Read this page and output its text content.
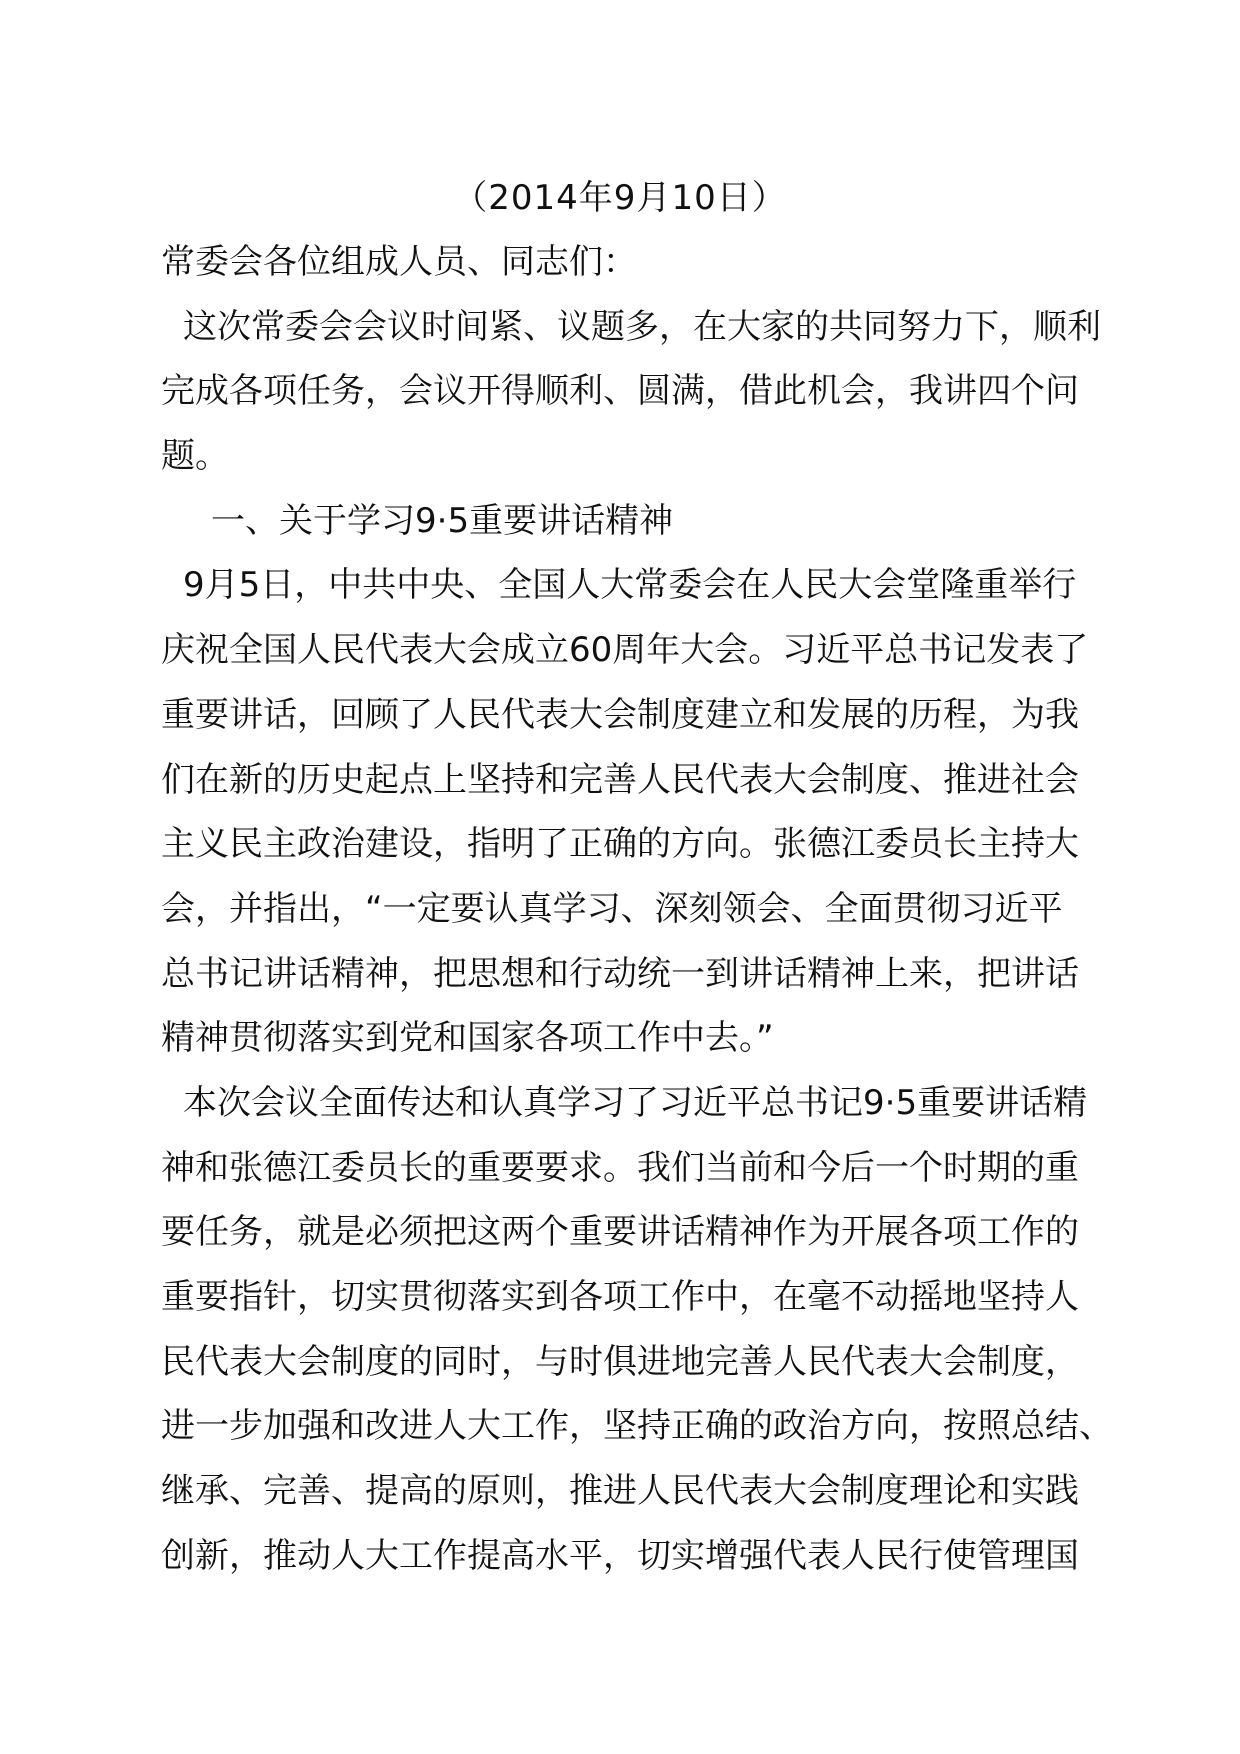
（2014年9月10日）
常委会各位组成人员、同志们：
这次常委会会议时间紧、议题多，在大家的共同努力下，顺利
完成各项任务，会议开得顺利、圆满，借此机会，我讲四个问
题。
一、关于学习9·5重要讲话精神
9月5日，中共中央、全国人大常委会在人民大会堂隆重举行
庆祝全国人民代表大会成立60周年大会。习近平总书记发表了
重要讲话，回顾了人民代表大会制度建立和发展的历程，为我
们在新的历史起点上坚持和完善人民代表大会制度、推进社会
主义民主政治建设，指明了正确的方向。张德江委员长主持大
会，并指出，“一定要认真学习、深刻领会、全面贯彻习近平
总书记讲话精神，把思想和行动统一到讲话精神上来，把讲话
精神贯彻落实到党和国家各项工作中去。”
本次会议全面传达和认真学习了习近平总书记9·5重要讲话精
神和张德江委员长的重要要求。我们当前和今后一个时期的重
要任务，就是必须把这两个重要讲话精神作为开展各项工作的
重要指针，切实贯彻落实到各项工作中，在毫不动摇地坚持人
民代表大会制度的同时，与时俱进地完善人民代表大会制度，
进一步加强和改进人大工作，坚持正确的政治方向，按照总结、
继承、完善、提高的原则，推进人民代表大会制度理论和实践
创新，推动人大工作提高水平，切实增强代表人民行使管理国
